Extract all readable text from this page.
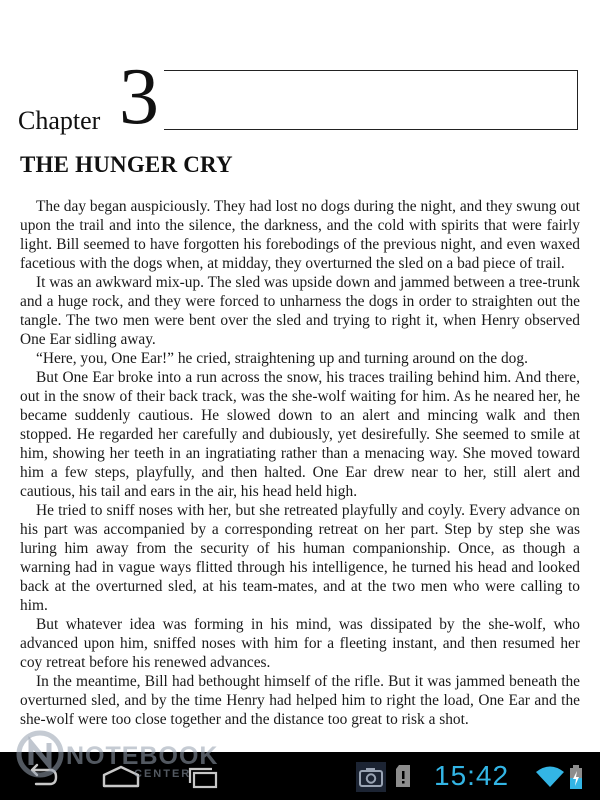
Chapter 3
THE HUNGER CRY

The day began auspiciously. They had lost no dogs during the night, and they swung out upon the trail and into the silence, the darkness, and the cold with spirits that were fairly light. Bill seemed to have forgotten his forebodings of the previous night, and even waxed facetious with the dogs when, at midday, they overturned the sled on a bad piece of trail.

It was an awkward mix-up. The sled was upside down and jammed between a tree-trunk and a huge rock, and they were forced to unharness the dogs in order to straighten out the tangle. The two men were bent over the sled and trying to right it, when Henry observed One Ear sidling away.

“Here, you, One Ear!” he cried, straightening up and turning around on the dog.

But One Ear broke into a run across the snow, his traces trailing behind him. And there, out in the snow of their back track, was the she-wolf waiting for him. As he neared her, he became suddenly cautious. He slowed down to an alert and mincing walk and then stopped. He regarded her carefully and dubiously, yet desirefully. She seemed to smile at him, showing her teeth in an ingratiating rather than a menacing way. She moved toward him a few steps, playfully, and then halted. One Ear drew near to her, still alert and cautious, his tail and ears in the air, his head held high.

He tried to sniff noses with her, but she retreated playfully and coyly. Every advance on his part was accompanied by a corresponding retreat on her part. Step by step she was luring him away from the security of his human companionship. Once, as though a warning had in vague ways flitted through his intelligence, he turned his head and looked back at the overturned sled, at his team-mates, and at the two men who were calling to him.

But whatever idea was forming in his mind, was dissipated by the she-wolf, who advanced upon him, sniffed noses with him for a fleeting instant, and then resumed her coy retreat before his renewed advances.

In the meantime, Bill had bethought himself of the rifle. But it was jammed beneath the overturned sled, and by the time Henry had helped him to right the load, One Ear and the she-wolf were too close together and the distance too great to risk a shot.

NOTEBOOK
CENTER	15:42
